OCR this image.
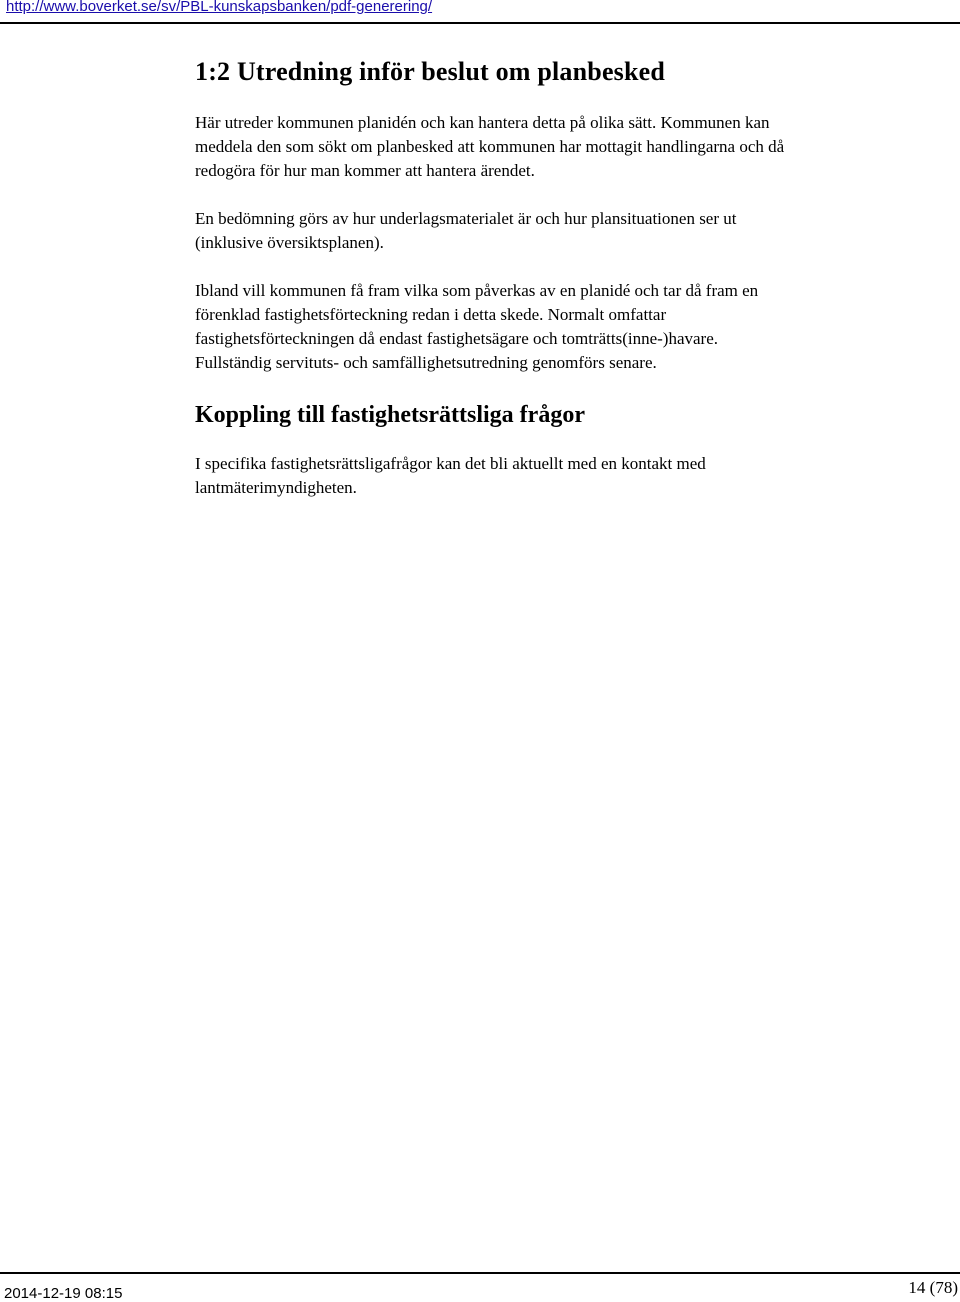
http://www.boverket.se/sv/PBL-kunskapsbanken/pdf-generering/
1:2 Utredning inför beslut om planbesked

Här utreder kommunen planidén och kan hantera detta på olika sätt. Kommunen kan meddela den som sökt om planbesked att kommunen har mottagit handlingarna och då redogöra för hur man kommer att hantera ärendet.

En bedömning görs av hur underlagsmaterialet är och hur plansituationen ser ut (inklusive översiktsplanen).

Ibland vill kommunen få fram vilka som påverkas av en planidé och tar då fram en förenklad fastighetsförteckning redan i detta skede. Normalt omfattar fastighetsförteckningen då endast fastighetsägare och tomträtts(inne-)havare. Fullständig servituts- och samfällighetsutredning genomförs senare.

Koppling till fastighetsrättsliga frågor

I specifika fastighetsrättsligafrågor kan det bli aktuellt med en kontakt med lantmäterimyndigheten.

2014-12-19 08:15	14 (78)
